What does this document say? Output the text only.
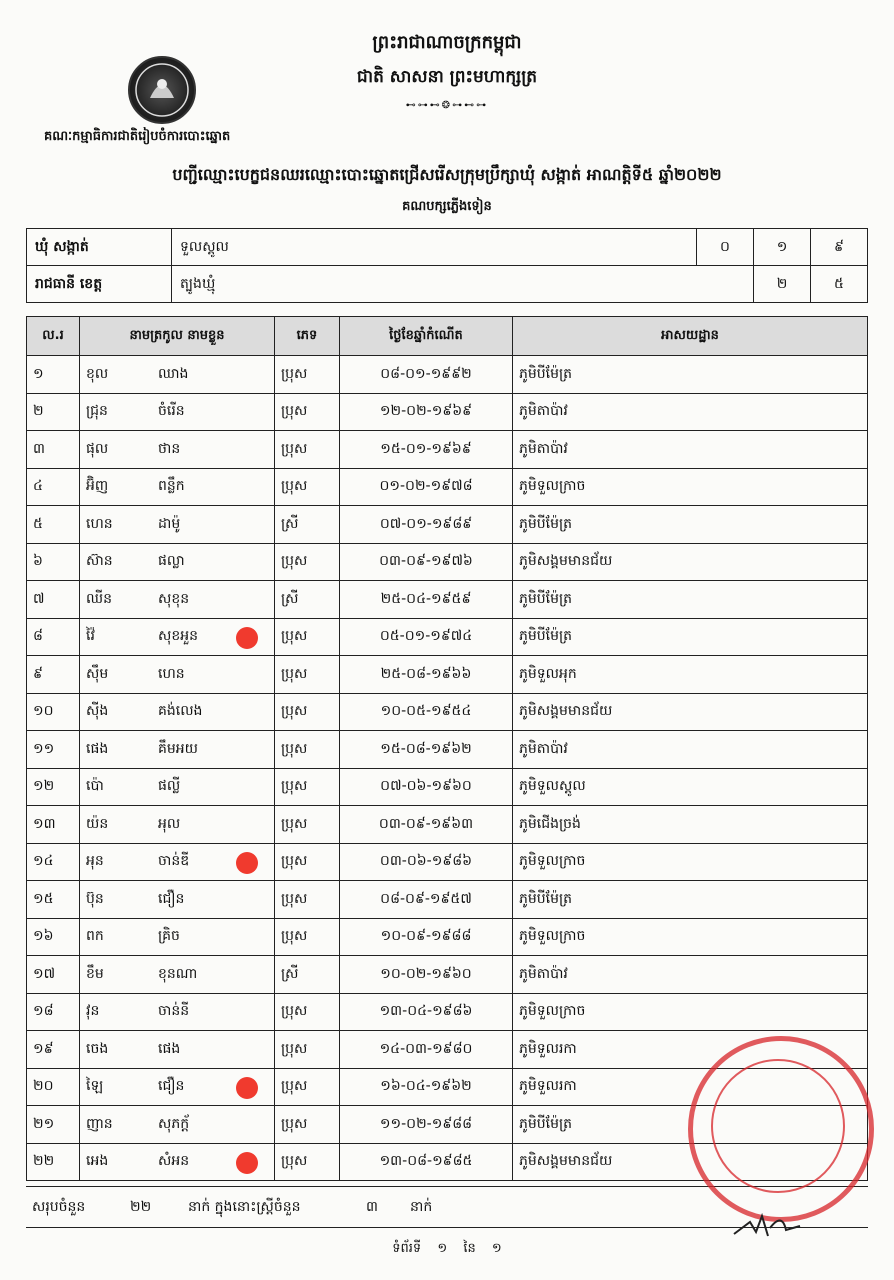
ព្រះរាជាណាចក្រកម្ពុជា
ជាតិ សាសនា ព្រះមហាក្សត្រ
⊷⊶⊷❂⊶⊷⊶
គណៈកម្មាធិការជាតិរៀបចំការបោះឆ្នោត
បញ្ជីឈ្មោះបេក្ខជនឈរឈ្មោះបោះឆ្នោតជ្រើសរើសក្រុមប្រឹក្សាឃុំ សង្កាត់ អាណត្តិទី៥ ឆ្នាំ២០២២
គណបក្សភ្លើងទៀន
ឃុំ សង្កាត់	ទួលស្ដូល	០	១	៩
រាជធានី ខេត្ត	ត្បូងឃ្មុំ		២	៥
ល.រ	នាមត្រកូល នាមខ្លួន		ភេទ	ថ្ងៃខែឆ្នាំកំណើត	អាសយដ្ឋាន
១	ខុល	ឈាង	ប្រុស	០៨-០១-១៩៩២	ភូមិបីម៉ែត្រ
២	ជ្រុន	ចំរើន	ប្រុស	១២-០២-១៩៦៩	ភូមិតាប៉ាវ
៣	ផុល	ថាន	ប្រុស	១៥-០១-១៩៦៩	ភូមិតាប៉ាវ
៤	អ៊ិញ	ពន្លឹក	ប្រុស	០១-០២-១៩៧៨	ភូមិទួលក្រាច
៥	ហេន	ដាម៉ូ	ស្រី	០៧-០១-១៩៨៩	ភូមិបីម៉ែត្រ
៦	ស៊ាន	ផល្លា	ប្រុស	០៣-០៩-១៩៧៦	ភូមិសង្គមមានជ័យ
៧	ឈីន	សុខុន	ស្រី	២៥-០៤-១៩៥៩	ភូមិបីម៉ែត្រ
៨	វ៉ៃ	សុខអួន	ប្រុស	០៥-០១-១៩៧៤	ភូមិបីម៉ែត្រ
៩	ស៊ឹម	ហេន	ប្រុស	២៥-០៨-១៩៦៦	ភូមិទួលអុក
១០	ស៊ីង	គង់លេង	ប្រុស	១០-០៥-១៩៥៤	ភូមិសង្គមមានជ័យ
១១	ផេង	គឹមអយ	ប្រុស	១៥-០៨-១៩៦២	ភូមិតាប៉ាវ
១២	ប៉ោ	ផល្លី	ប្រុស	០៧-០៦-១៩៦០	ភូមិទួលស្ដូល
១៣	យ៉ន	អុល	ប្រុស	០៣-០៩-១៩៦៣	ភូមិជើងច្រង់
១៤	អុន	ចាន់ឌី	ប្រុស	០៣-០៦-១៩៨៦	ភូមិទួលក្រាច
១៥	ប៊ុន	ជឿន	ប្រុស	០៨-០៩-១៩៥៧	ភូមិបីម៉ែត្រ
១៦	ពក	គ្រិច	ប្រុស	១០-០៩-១៩៨៨	ភូមិទួលក្រាច
១៧	ខឹម	ខុនណា	ស្រី	១០-០២-១៩៦០	ភូមិតាប៉ាវ
១៨	វុន	ចាន់នី	ប្រុស	១៣-០៤-១៩៨៦	ភូមិទួលក្រាច
១៩	ចេង	ផេង	ប្រុស	១៤-០៣-១៩៨០	ភូមិទួលរកា
២០	ឡៃ	ជឿន	ប្រុស	១៦-០៤-១៩៦២	ភូមិទួលរកា
២១	ញាន	សុភក្ដ័	ប្រុស	១១-០២-១៩៨៨	ភូមិបីម៉ែត្រ
២២	អេង	សំអន	ប្រុស	១៣-០៨-១៩៨៥	ភូមិសង្គមមានជ័យ
សរុបចំនួន	២២	នាក់ ក្នុងនោះស្ត្រីចំនួន	៣ នាក់
ទំព័រទី ១ នៃ ១
